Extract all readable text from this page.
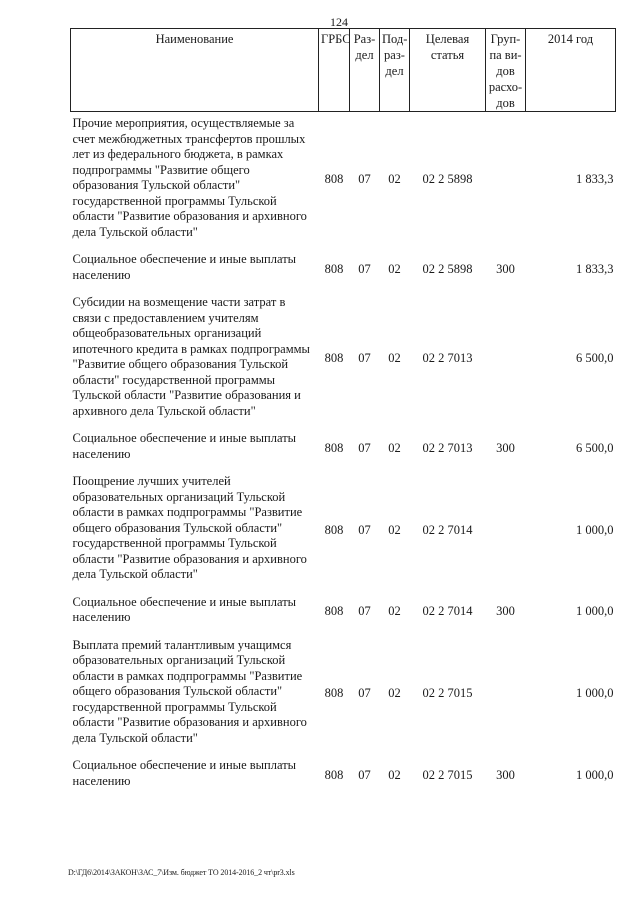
124
Наименование	ГРБС	Раз-дел	Под-раз-дел	Целевая статья	Груп-па ви-дов расхо-дов	2014 год
Прочие мероприятия, осуществляемые за счет межбюджетных трансфертов прошлых лет из федерального бюджета, в рамках подпрограммы "Развитие общего образования Тульской области" государственной программы Тульской области "Развитие образования и архивного дела Тульской области"	808	07	02	02 2 5898		1 833,3
Социальное обеспечение и иные выплаты населению	808	07	02	02 2 5898	300	1 833,3
Субсидии на возмещение части затрат в связи с предоставлением учителям общеобразовательных организаций ипотечного кредита в рамках подпрограммы "Развитие общего образования Тульской области" государственной программы Тульской области "Развитие образования и архивного дела Тульской области"	808	07	02	02 2 7013		6 500,0
Социальное обеспечение и иные выплаты населению	808	07	02	02 2 7013	300	6 500,0
Поощрение лучших учителей образовательных организаций Тульской области в рамках подпрограммы "Развитие общего образования Тульской области" государственной программы Тульской области "Развитие образования и архивного дела Тульской области"	808	07	02	02 2 7014		1 000,0
Социальное обеспечение и иные выплаты населению	808	07	02	02 2 7014	300	1 000,0
Выплата премий талантливым учащимся образовательных организаций Тульской области в рамках подпрограммы "Развитие общего образования Тульской области" государственной программы Тульской области "Развитие образования и архивного дела Тульской области"	808	07	02	02 2 7015		1 000,0
Социальное обеспечение и иные выплаты населению	808	07	02	02 2 7015	300	1 000,0
D:\ГД6\2014\ЗАКОН\ЗАС_7\Изм. бюджет ТО 2014-2016_2 чт\pr3.xls
